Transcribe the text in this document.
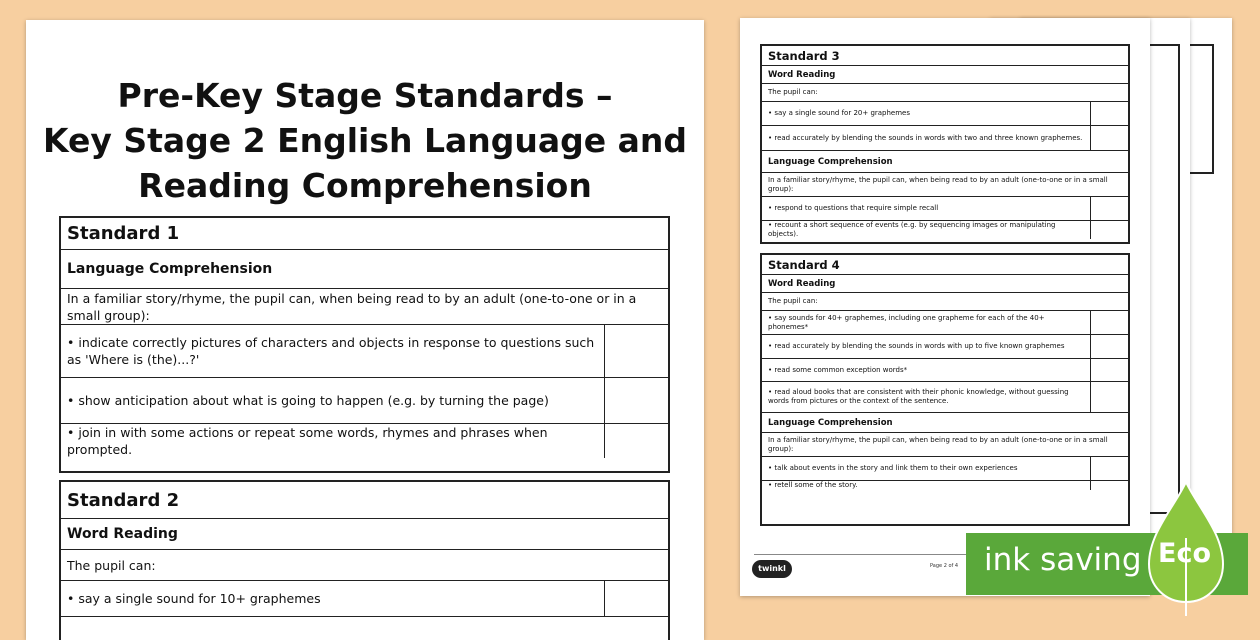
Pre-Key Stage Standards –
Key Stage 2 English Language and
Reading Comprehension
Standard 1
Language Comprehension
In a familiar story/rhyme, the pupil can, when being read to by an adult (one-to-one or in a small group):
• indicate correctly pictures of characters and objects in response to questions such as 'Where is (the)...?'
• show anticipation about what is going to happen (e.g. by turning the page)
• join in with some actions or repeat some words, rhymes and phrases when prompted.
Standard 2
Word Reading
The pupil can:
• say a single sound for 10+ graphemes
Standard 3
Word Reading
The pupil can:
• say a single sound for 20+ graphemes
• read accurately by blending the sounds in words with two and three known graphemes.
Language Comprehension
In a familiar story/rhyme, the pupil can, when being read to by an adult (one-to-one or in a small group):
• respond to questions that require simple recall
• recount a short sequence of events (e.g. by sequencing images or manipulating objects).
Standard 4
Word Reading
The pupil can:
• say sounds for 40+ graphemes, including one grapheme for each of the 40+ phonemes*
• read accurately by blending the sounds in words with up to five known graphemes
• read some common exception words*
• read aloud books that are consistent with their phonic knowledge, without guessing words from pictures or the context of the sentence.
Language Comprehension
In a familiar story/rhyme, the pupil can, when being read to by an adult (one-to-one or in a small group):
• talk about events in the story and link them to their own experiences
• retell some of the story.
twinkl	Page 2 of 4 ink saving Eco
